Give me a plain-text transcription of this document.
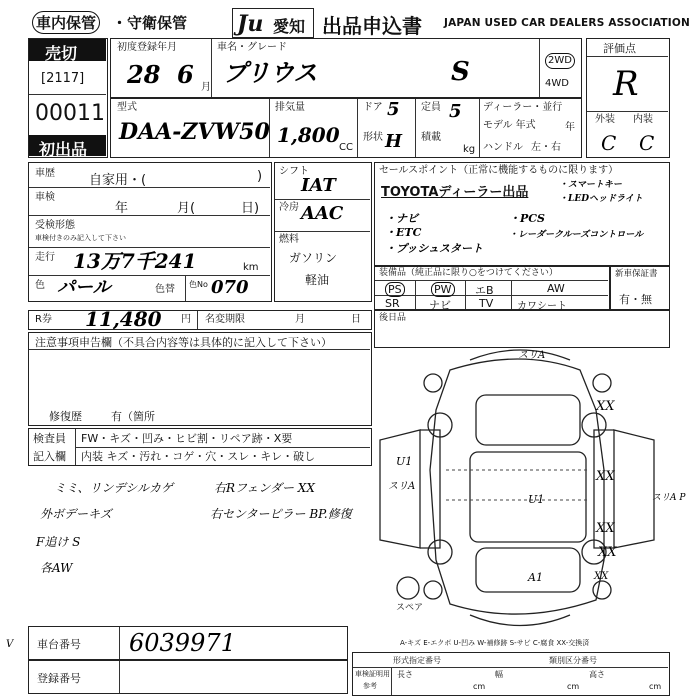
車内保管 ・守衛保管 Ju 愛知 出品申込書 JAPAN USED CAR DEALERS ASSOCIATION
売切
[2117]
00011
初出品
初度登録年月
28 6 月
車名・グレード
プリウス	S	2WD
4WD
評価点
R
外装 内装
C C
型式
DAA-ZVW50
排気量
1,800
CC
ドア 5
形状 H
定員 5
積載
kg
ディーラー・並行
モデル 年式	年
ハンドル 左・右
車歴	自家用・(	)
車検
年	月(	日)
受検形態
車検付きのみ記入して下さい
走行 13万7千241	km
色 パール	色替 色No 070
シフト
IAT
冷房 AAC
燃料
ガソリン
軽油
セールスポイント（正常に機能するものに限ります）
TOYOTAディーラー出品	・スマートキー
・LEDヘッドライト
・ナビ
・ETC
・プッシュスタート
・PCS
・レーダークルーズコントロール
装備品（純正品に限り○をつけてください）
PS	PW エB	AW
SR	ナビ	TV カワシート
新車保証書
有・無
R券 11,480 円 名変期限	月	日 後日品
注意事項申告欄（不具合内容等は具体的に記入して下さい）
修復歴	有（箇所
検査員
記入欄
FW・キズ・凹み・ヒビ割・リペア跡・X要
内装 キズ・汚れ・コゲ・穴・スレ・キレ・破し
ミミ、リンデシルカゲ	右Rフェンダー XX
外ボデーキズ	右センターピラー BP.修復
F追け S
各AW
スリA
U1
スリA
U1
XX
XX
XX
XX
XX
A1
スリA P
スペア
A-キズ E-エクボ U-凹み W-補修跡 S-サビ C-腐食 XX-交換済
V 車台番号 6039971
登録番号
形式指定番号	類別区分番号
車検証明用
参考
長さ
cm
幅
cm
高さ
cm
